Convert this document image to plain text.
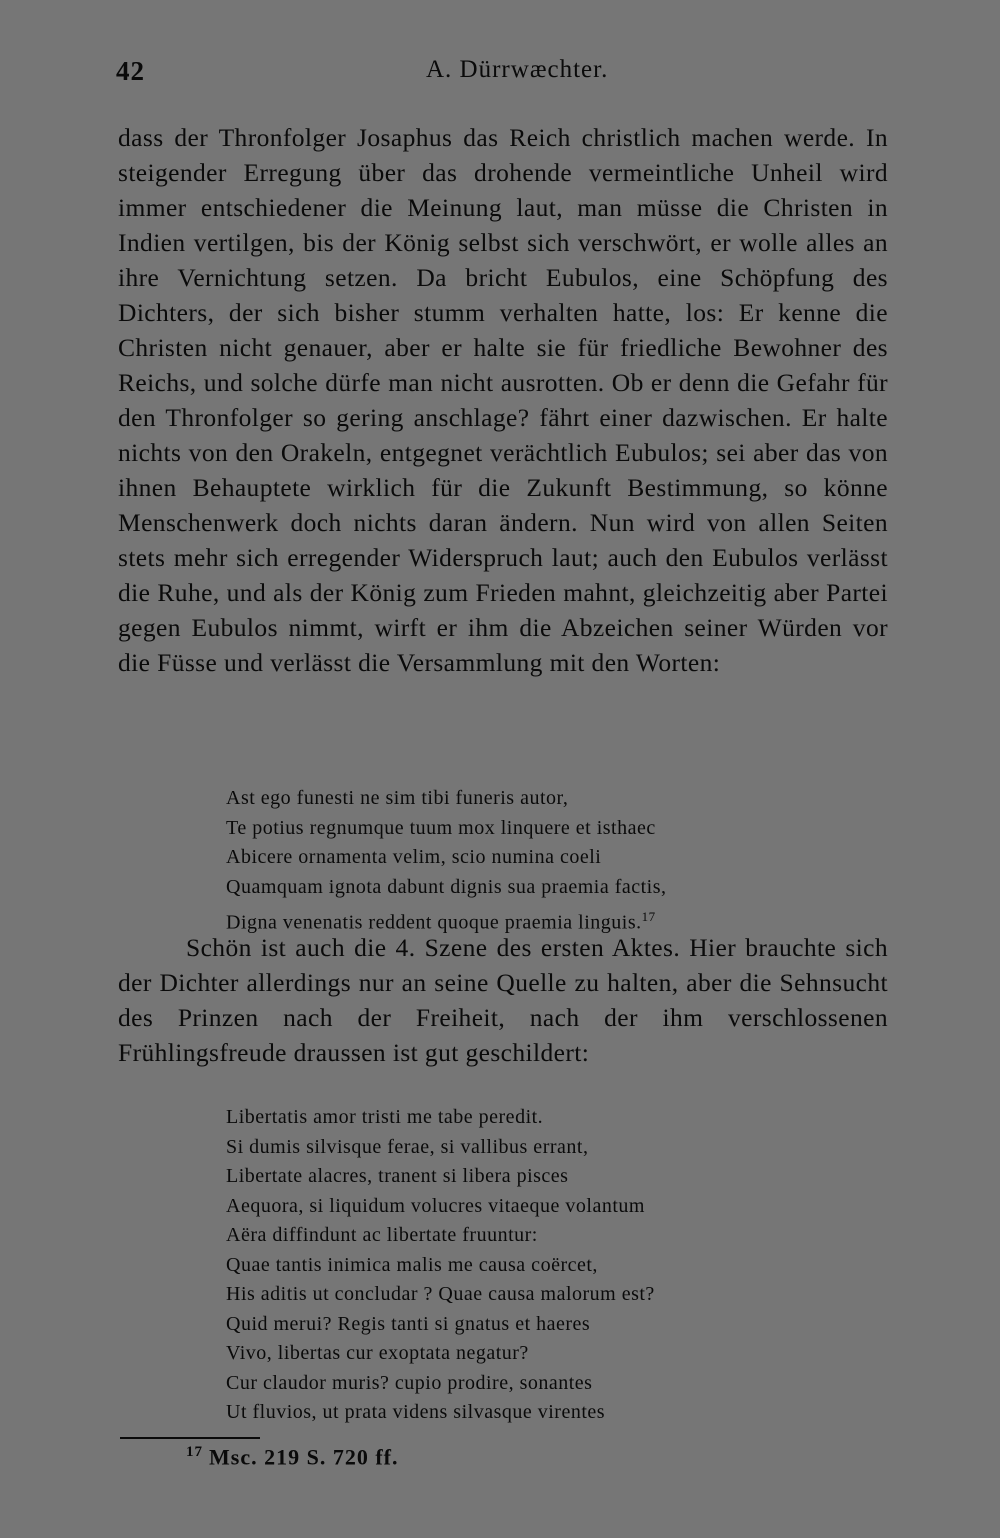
42	A. Dürrwæchter.

dass der Thronfolger Josaphus das Reich christlich machen werde. In steigender Erregung über das drohende vermeintliche Unheil wird immer entschiedener die Meinung laut, man müsse die Christen in Indien vertilgen, bis der König selbst sich verschwört, er wolle alles an ihre Vernichtung setzen. Da bricht Eubulos, eine Schöpfung des Dichters, der sich bisher stumm verhalten hatte, los: Er kenne die Christen nicht genauer, aber er halte sie für friedliche Bewohner des Reichs, und solche dürfe man nicht ausrotten. Ob er denn die Gefahr für den Thronfolger so gering anschlage? fährt einer dazwischen. Er halte nichts von den Orakeln, entgegnet verächtlich Eubulos; sei aber das von ihnen Behauptete wirklich für die Zukunft Bestimmung, so könne Menschenwerk doch nichts daran ändern. Nun wird von allen Seiten stets mehr sich erregender Widerspruch laut; auch den Eubulos verlässt die Ruhe, und als der König zum Frieden mahnt, gleichzeitig aber Partei gegen Eubulos nimmt, wirft er ihm die Abzeichen seiner Würden vor die Füsse und verlässt die Versammlung mit den Worten:

Ast ego funesti ne sim tibi funeris autor,
Te potius regnumque tuum mox linquere et isthaec
Abicere ornamenta velim, scio numina coeli
Quamquam ignota dabunt dignis sua praemia factis,
Digna venenatis reddent quoque praemia linguis.$^{17}$

Schön ist auch die 4. Szene des ersten Aktes. Hier brauchte sich der Dichter allerdings nur an seine Quelle zu halten, aber die Sehnsucht des Prinzen nach der Freiheit, nach der ihm verschlossenen Frühlingsfreude draussen ist gut geschildert:

Libertatis amor tristi me tabe peredit.
Si dumis silvisque ferae, si vallibus errant,
Libertate alacres, tranent si libera pisces
Aequora, si liquidum volucres vitaeque volantum
Aëra diffindunt ac libertate fruuntur:
Quae tantis inimica malis me causa coërcet,
His aditis ut concludar ? Quae causa malorum est?
Quid merui? Regis tanti si gnatus et haeres
Vivo, libertas cur exoptata negatur?
Cur claudor muris? cupio prodire, sonantes
Ut fluvios, ut prata videns silvasque virentes
$^{17}$ Msc. 219 S. 720 ff.
